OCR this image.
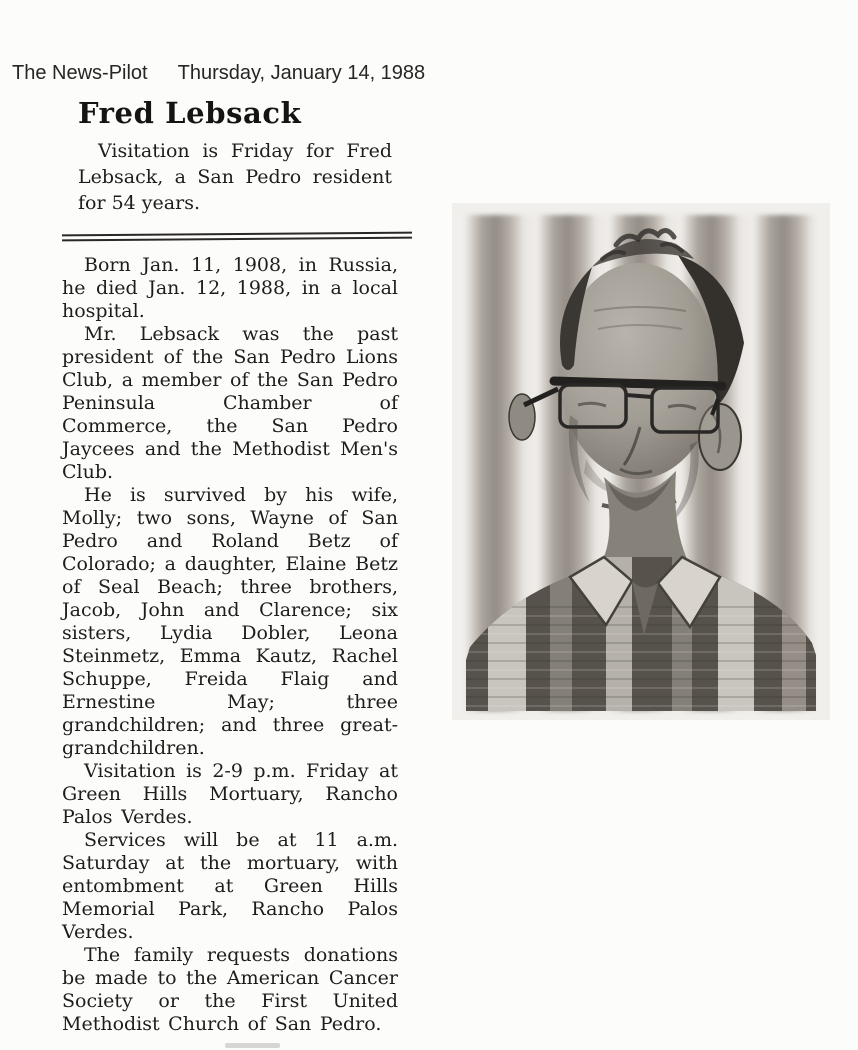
The News-Pilot Thursday, January 14, 1988
Fred Lebsack

Visitation is Friday for Fred Lebsack, a San Pedro resident for 54 years.

Born Jan. 11, 1908, in Russia, he died Jan. 12, 1988, in a local hospital.

Mr. Lebsack was the past president of the San Pedro Lions Club, a member of the San Pedro Peninsula Chamber of Commerce, the San Pedro Jaycees and the Methodist Men's Club.

He is survived by his wife, Molly; two sons, Wayne of San Pedro and Roland Betz of Colorado; a daughter, Elaine Betz of Seal Beach; three brothers, Jacob, John and Clarence; six sisters, Lydia Dobler, Leona Steinmetz, Emma Kautz, Rachel Schuppe, Freida Flaig and Ernestine May; three grandchildren; and three great-grandchildren.

Visitation is 2-9 p.m. Friday at Green Hills Mortuary, Rancho Palos Verdes.

Services will be at 11 a.m. Saturday at the mortuary, with entombment at Green Hills Memorial Park, Rancho Palos Verdes.

The family requests donations be made to the American Cancer Society or the First United Methodist Church of San Pedro.
